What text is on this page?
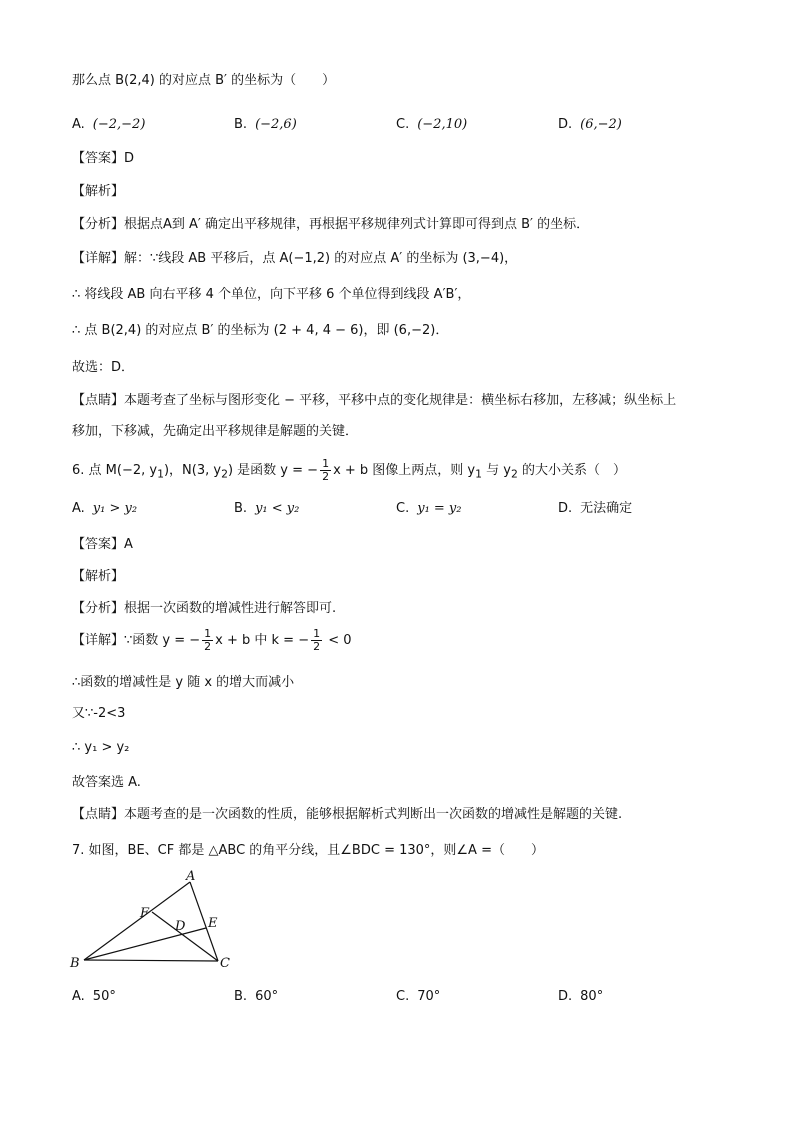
那么点 B(2,4) 的对应点 B′ 的坐标为（　　）
A. (−2,−2)	B. (−2,6)	C. (−2,10)	D. (6,−2)
【答案】D
【解析】
【分析】根据点A到 A′ 确定出平移规律，再根据平移规律列式计算即可得到点 B′ 的坐标．
【详解】解：∵线段 AB 平移后，点 A(−1,2) 的对应点 A′ 的坐标为 (3,−4)，
∴ 将线段 AB 向右平移 4 个单位，向下平移 6 个单位得到线段 A′B′，
∴ 点 B(2,4) 的对应点 B′ 的坐标为 (2 + 4, 4 − 6)，即 (6,−2)．
故选：D．
【点睛】本题考查了坐标与图形变化 − 平移，平移中点的变化规律是：横坐标右移加，左移减；纵坐标上
移加，下移减，先确定出平移规律是解题的关键．
6. 点 M(−2, $y_1$)，N(3, $y_2$) 是函数 y = − $\frac{1}{2}$ x + b 图像上两点，则 $y_1$ 与 $y_2$ 的大小关系（　）
A. y₁ > y₂	B. y₁ < y₂	C. y₁ = y₂	D. 无法确定
【答案】A
【解析】
【分析】根据一次函数的增减性进行解答即可.
【详解】∵函数 y = − $\frac{1}{2}$ x + b 中 k = − $\frac{1}{2} < 0$
∴函数的增减性是 y 随 x 的增大而减小
又∵-2<3
∴ y₁ > y₂
故答案选 A.
【点睛】本题考查的是一次函数的性质，能够根据解析式判断出一次函数的增减性是解题的关键.
7. 如图，BE、CF 都是 △ABC 的角平分线，且∠BDC = 130°，则∠A =（　　）
A
B	C
D E
F
A. 50°	B. 60°	C. 70°	D. 80°
